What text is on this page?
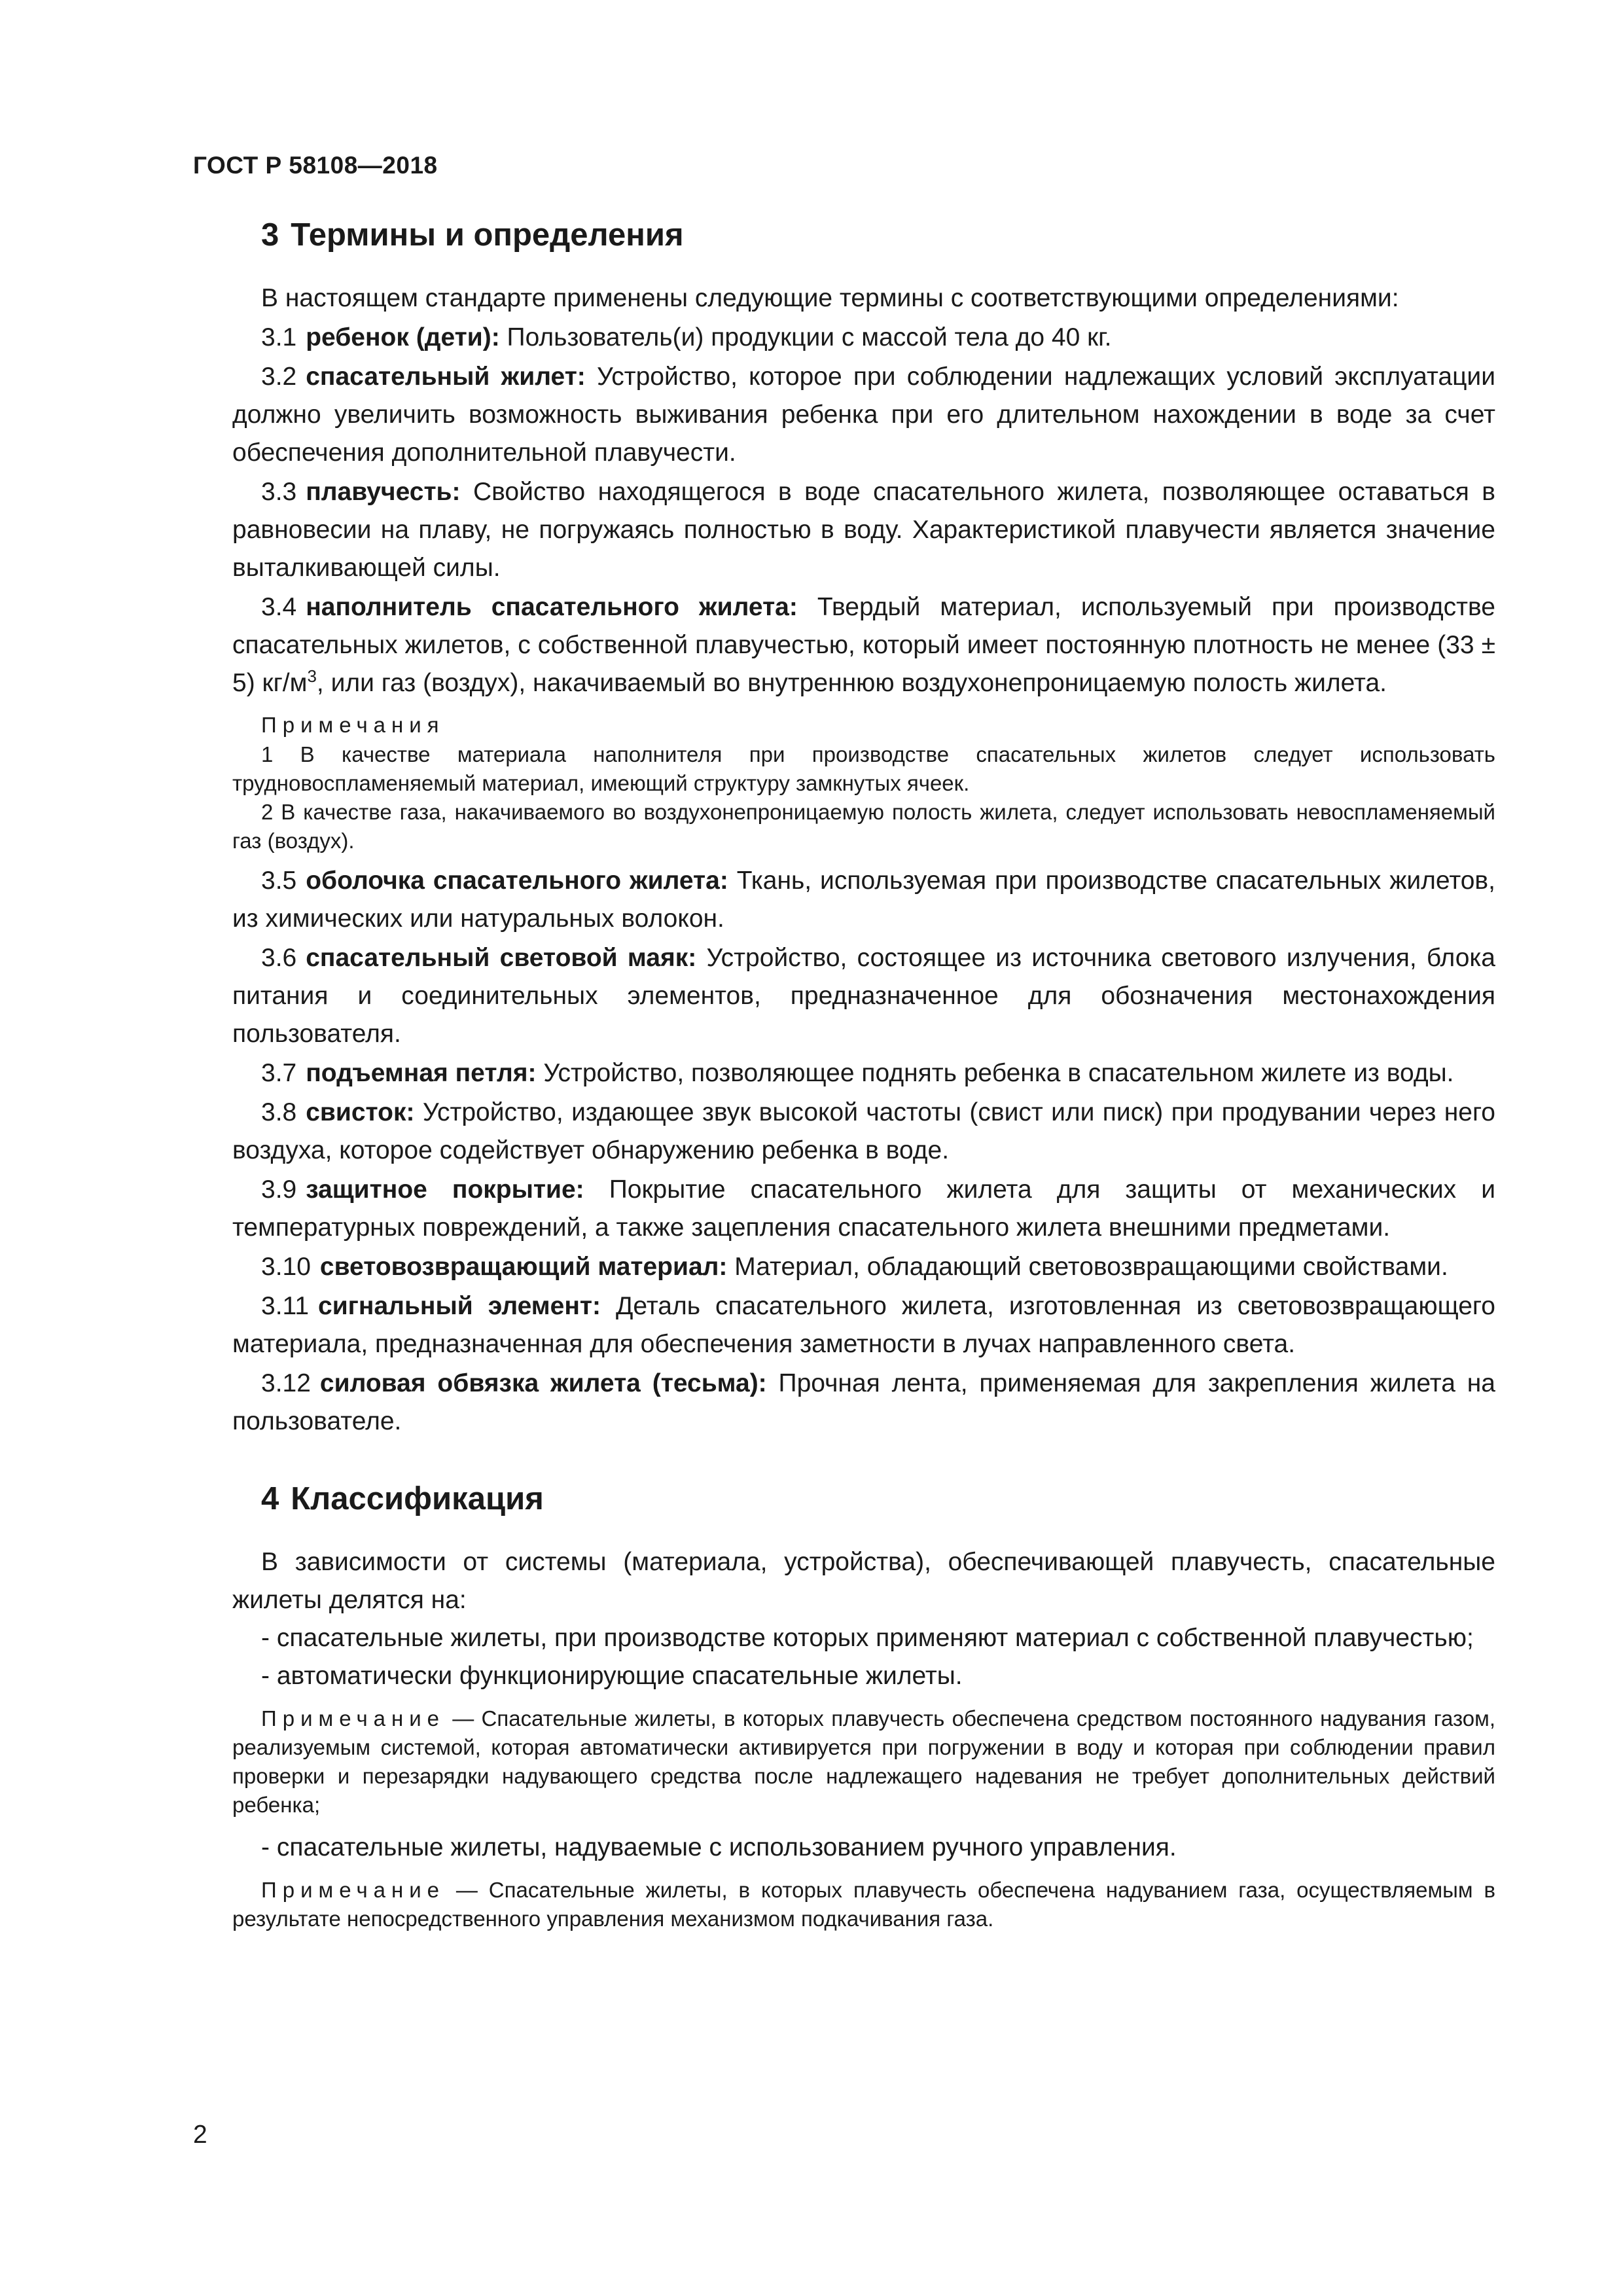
ГОСТ Р 58108—2018
3 Термины и определения

В настоящем стандарте применены следующие термины с соответствующими определениями:

3.1 ребенок (дети): Пользователь(и) продукции с массой тела до 40 кг.

3.2 спасательный жилет: Устройство, которое при соблюдении надлежащих условий эксплуатации должно увеличить возможность выживания ребенка при его длительном нахождении в воде за счет обеспечения дополнительной плавучести.

3.3 плавучесть: Свойство находящегося в воде спасательного жилета, позволяющее оставаться в равновесии на плаву, не погружаясь полностью в воду. Характеристикой плавучести является значение выталкивающей силы.

3.4 наполнитель спасательного жилета: Твердый материал, используемый при производстве спасательных жилетов, с собственной плавучестью, который имеет постоянную плотность не менее (33 ± 5) $кг/м^3$, или газ (воздух), накачиваемый во внутреннюю воздухонепроницаемую полость жилета.

Примечания

1 В качестве материала наполнителя при производстве спасательных жилетов следует использовать трудновоспламеняемый материал, имеющий структуру замкнутых ячеек.

2 В качестве газа, накачиваемого во воздухонепроницаемую полость жилета, следует использовать невоспламеняемый газ (воздух).

3.5 оболочка спасательного жилета: Ткань, используемая при производстве спасательных жилетов, из химических или натуральных волокон.

3.6 спасательный световой маяк: Устройство, состоящее из источника светового излучения, блока питания и соединительных элементов, предназначенное для обозначения местонахождения пользователя.

3.7 подъемная петля: Устройство, позволяющее поднять ребенка в спасательном жилете из воды.

3.8 свисток: Устройство, издающее звук высокой частоты (свист или писк) при продувании через него воздуха, которое содействует обнаружению ребенка в воде.

3.9 защитное покрытие: Покрытие спасательного жилета для защиты от механических и температурных повреждений, а также зацепления спасательного жилета внешними предметами.

3.10 световозвращающий материал: Материал, обладающий световозвращающими свойствами.

3.11 сигнальный элемент: Деталь спасательного жилета, изготовленная из световозвращающего материала, предназначенная для обеспечения заметности в лучах направленного света.

3.12 силовая обвязка жилета (тесьма): Прочная лента, применяемая для закрепления жилета на пользователе.

4 Классификация

В зависимости от системы (материала, устройства), обеспечивающей плавучесть, спасательные жилеты делятся на:

- спасательные жилеты, при производстве которых применяют материал с собственной плавучестью;

- автоматически функционирующие спасательные жилеты.

Примечание — Спасательные жилеты, в которых плавучесть обеспечена средством постоянного надувания газом, реализуемым системой, которая автоматически активируется при погружении в воду и которая при соблюдении правил проверки и перезарядки надувающего средства после надлежащего надевания не требует дополнительных действий ребенка;

- спасательные жилеты, надуваемые с использованием ручного управления.

Примечание — Спасательные жилеты, в которых плавучесть обеспечена надуванием газа, осуществляемым в результате непосредственного управления механизмом подкачивания газа.

2
